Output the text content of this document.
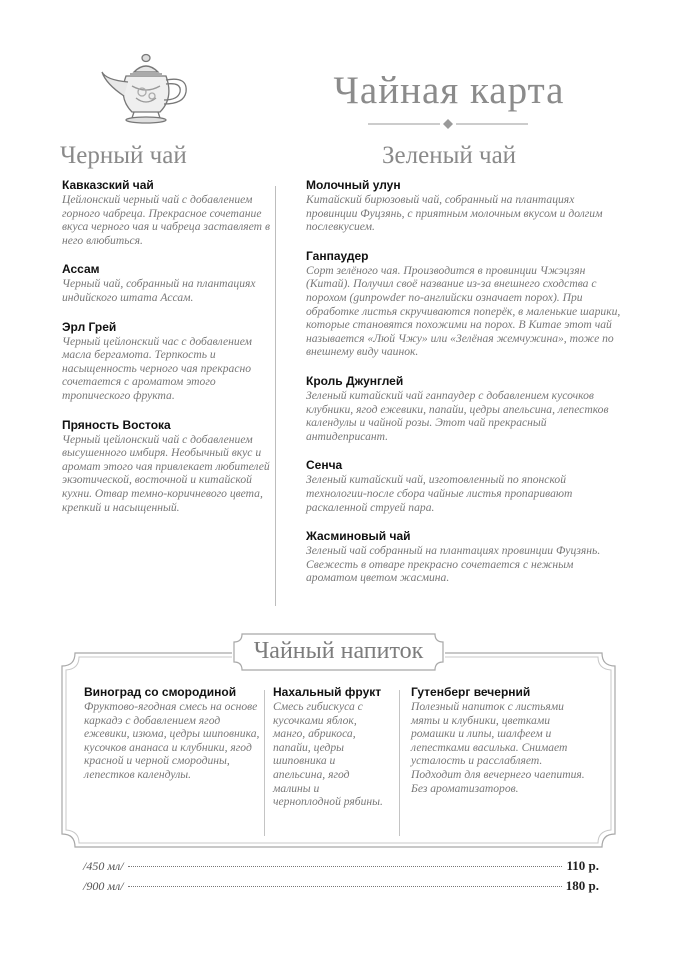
Чайная карта
Черный чай	Зеленый чай
Кавказский чай
Цейлонский черный чай с добавлением горного чабреца. Прекрасное сочетание вкуса черного чая и чабреца заставляет в него влюбиться.
Ассам
Черный чай, собранный на плантациях индийского штата Ассам.
Эрл Грей
Черный цейлонский чаc с добавлением масла бергамота. Терпкость и насыщенность черного чая прекрасно сочетается с ароматом этого тропического фрукта.
Пряность Востока
Черный цейлонский чай с добавлением высушенного имбиря. Необычный вкус и аромат этого чая привлекает любителей экзотической, восточной и китайской кухни. Отвар темно-коричневого цвета, крепкий и насыщенный.
Молочный улун
Китайский бирюзовый чай, собранный на плантациях провинции Фуцзянь, с приятным молочным вкусом и долгим послевкусием.
Ганпаудер
Сорт зелёного чая. Производится в провинции Чжэцзян (Китай). Получил своё название из-за внешнего сходства с порохом (gunpowder по-английски означает порох). При обработке листья скручиваются поперёк, в маленькие шарики, которые становятся похожими на порох. В Китае этот чай называется «Люй Чжу» или «Зелёная жемчужина», тоже по внешнему виду чаинок.
Кроль Джунглей
Зеленый китайский чай ганпаудер с добавлением кусочков клубники, ягод ежевики, папайи, цедры апельсина, лепестков календулы и чайной розы. Этот чай прекрасный антидеприсант.
Сенча
Зеленый китайский чай, изготовленный по японской технологии-после сбора чайные листья пропаривают раскаленной струей пара.
Жасминовый чай
Зеленый чай собранный на плантациях провинции Фуцзянь. Свежесть в отваре прекрасно сочетается с нежным ароматом цветом жасмина.
Чайный напиток
Виноград со смородиной
Фруктово-ягодная смесь на основе каркадэ с добавлением ягод ежевики, изюма, цедры шиповника, кусочков ананаса и клубники, ягод красной и черной смородины, лепестков календулы.
Нахальный фрукт
Смесь гибискуса с кусочками яблок, манго, абрикоса, папайи, цедры шиповника и апельсина, ягод малины и черноплодной рябины.
Гутенберг вечерний
Полезный напиток с листьями мяты и клубники, цветками ромашки и липы, шалфеем и лепестками василька. Снимает усталость и расслабляет. Подходит для вечернего чаепития. Без ароматизаторов.
/450 мл/	110 р.
/900 мл/	180 р.
